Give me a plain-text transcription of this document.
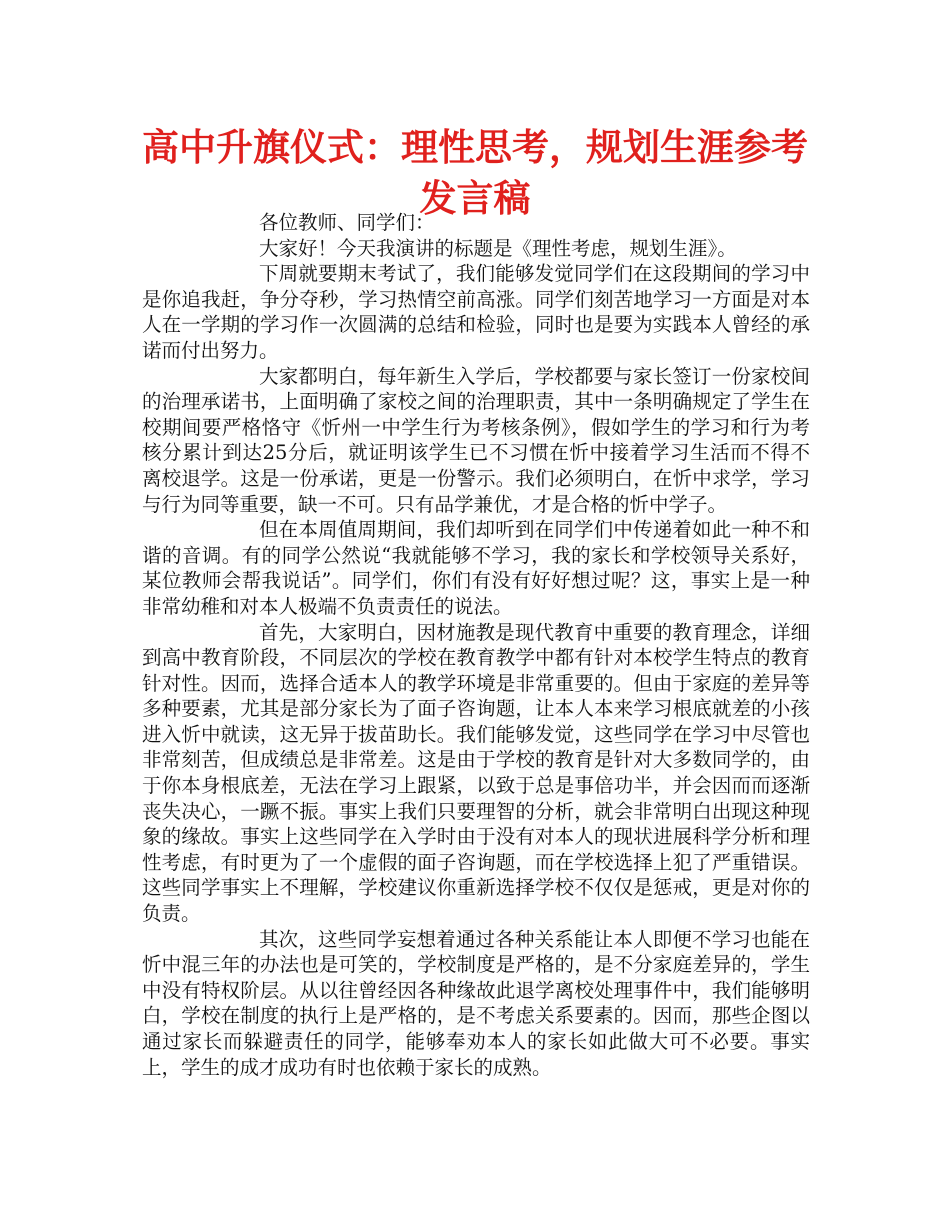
高中升旗仪式：理性思考，规划生涯参考发言稿

各位教师、同学们：

大家好！今天我演讲的标题是《理性考虑，规划生涯》。

下周就要期末考试了，我们能够发觉同学们在这段期间的学习中是你追我赶，争分夺秒，学习热情空前高涨。同学们刻苦地学习一方面是对本人在一学期的学习作一次圆满的总结和检验，同时也是要为实践本人曾经的承诺而付出努力。

大家都明白，每年新生入学后，学校都要与家长签订一份家校间的治理承诺书，上面明确了家校之间的治理职责，其中一条明确规定了学生在校期间要严格恪守《忻州一中学生行为考核条例》，假如学生的学习和行为考核分累计到达25分后，就证明该学生已不习惯在忻中接着学习生活而不得不离校退学。这是一份承诺，更是一份警示。我们必须明白，在忻中求学，学习与行为同等重要，缺一不可。只有品学兼优，才是合格的忻中学子。

但在本周值周期间，我们却听到在同学们中传递着如此一种不和谐的音调。有的同学公然说“我就能够不学习，我的家长和学校领导关系好，某位教师会帮我说话”。同学们，你们有没有好好想过呢？这，事实上是一种非常幼稚和对本人极端不负责责任的说法。

首先，大家明白，因材施教是现代教育中重要的教育理念，详细到高中教育阶段，不同层次的学校在教育教学中都有针对本校学生特点的教育针对性。因而，选择合适本人的教学环境是非常重要的。但由于家庭的差异等多种要素，尤其是部分家长为了面子咨询题，让本人本来学习根底就差的小孩进入忻中就读，这无异于拔苗助长。我们能够发觉，这些同学在学习中尽管也非常刻苦，但成绩总是非常差。这是由于学校的教育是针对大多数同学的，由于你本身根底差，无法在学习上跟紧，以致于总是事倍功半，并会因而而逐渐丧失决心，一蹶不振。事实上我们只要理智的分析，就会非常明白出现这种现象的缘故。事实上这些同学在入学时由于没有对本人的现状进展科学分析和理性考虑，有时更为了一个虚假的面子咨询题，而在学校选择上犯了严重错误。这些同学事实上不理解，学校建议你重新选择学校不仅仅是惩戒，更是对你的负责。

其次，这些同学妄想着通过各种关系能让本人即便不学习也能在忻中混三年的办法也是可笑的，学校制度是严格的，是不分家庭差异的，学生中没有特权阶层。从以往曾经因各种缘故此退学离校处理事件中，我们能够明白，学校在制度的执行上是严格的，是不考虑关系要素的。因而，那些企图以通过家长而躲避责任的同学，能够奉劝本人的家长如此做大可不必要。事实上，学生的成才成功有时也依赖于家长的成熟。
